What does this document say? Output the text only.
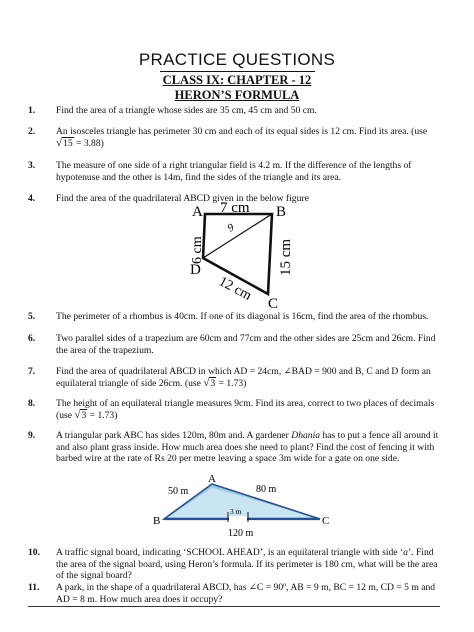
PRACTICE QUESTIONS
CLASS IX: CHAPTER - 12
HERON’S FORMULA
1. Find the area of a triangle whose sides are 35 cm, 45 cm and 50 cm.
2. An isosceles triangle has perimeter 30 cm and each of its equal sides is 12 cm. Find its area. (use
√15 = 3.88)
3. The measure of one side of a right triangular field is 4.2 m. If the difference of the lengths of hypotenuse and the other is 14m, find the sides of the triangle and its area.
4. Find the area of the quadrilateral ABCD given in the below figure
A	B
C
D
7 cm
6 cm	15 cm
12 cm
9
5. The perimeter of a rhombus is 40cm. If one of its diagonal is 16cm, find the area of the rhombus.
6. Two parallel sides of a trapezium are 60cm and 77cm and the other sides are 25cm and 26cm. Find the area of the trapezium.
7. Find the area of quadrilateral ABCD in which AD = 24cm, ∠BAD = 900 and B, C and D form an equilateral triangle of side 26cm. (use √3 = 1.73)
8. The height of an equilateral triangle measures 9cm. Find its area, correct to two places of decimals (use √3 = 1.73)
9. A triangular park ABC has sides 120m, 80m and. A gardener Dhania has to put a fence all around it and also plant grass inside. How much area does she need to plant? Find the cost of fencing it with barbed wire at the rate of Rs 20 per metre leaving a space 3m wide for a gate on one side.
A
B	C
50 m	80 m
3 m
120 m
10. A traffic signal board, indicating ‘SCHOOL AHEAD’, is an equilateral triangle with side ‘a’. Find the area of the signal board, using Heron’s formula. If its perimeter is 180 cm, what will be the area of the signal board?
11. A park, in the shape of a quadrilateral ABCD, has ∠C = 90º, AB = 9 m, BC = 12 m, CD = 5 m and AD = 8 m. How much area does it occupy?
